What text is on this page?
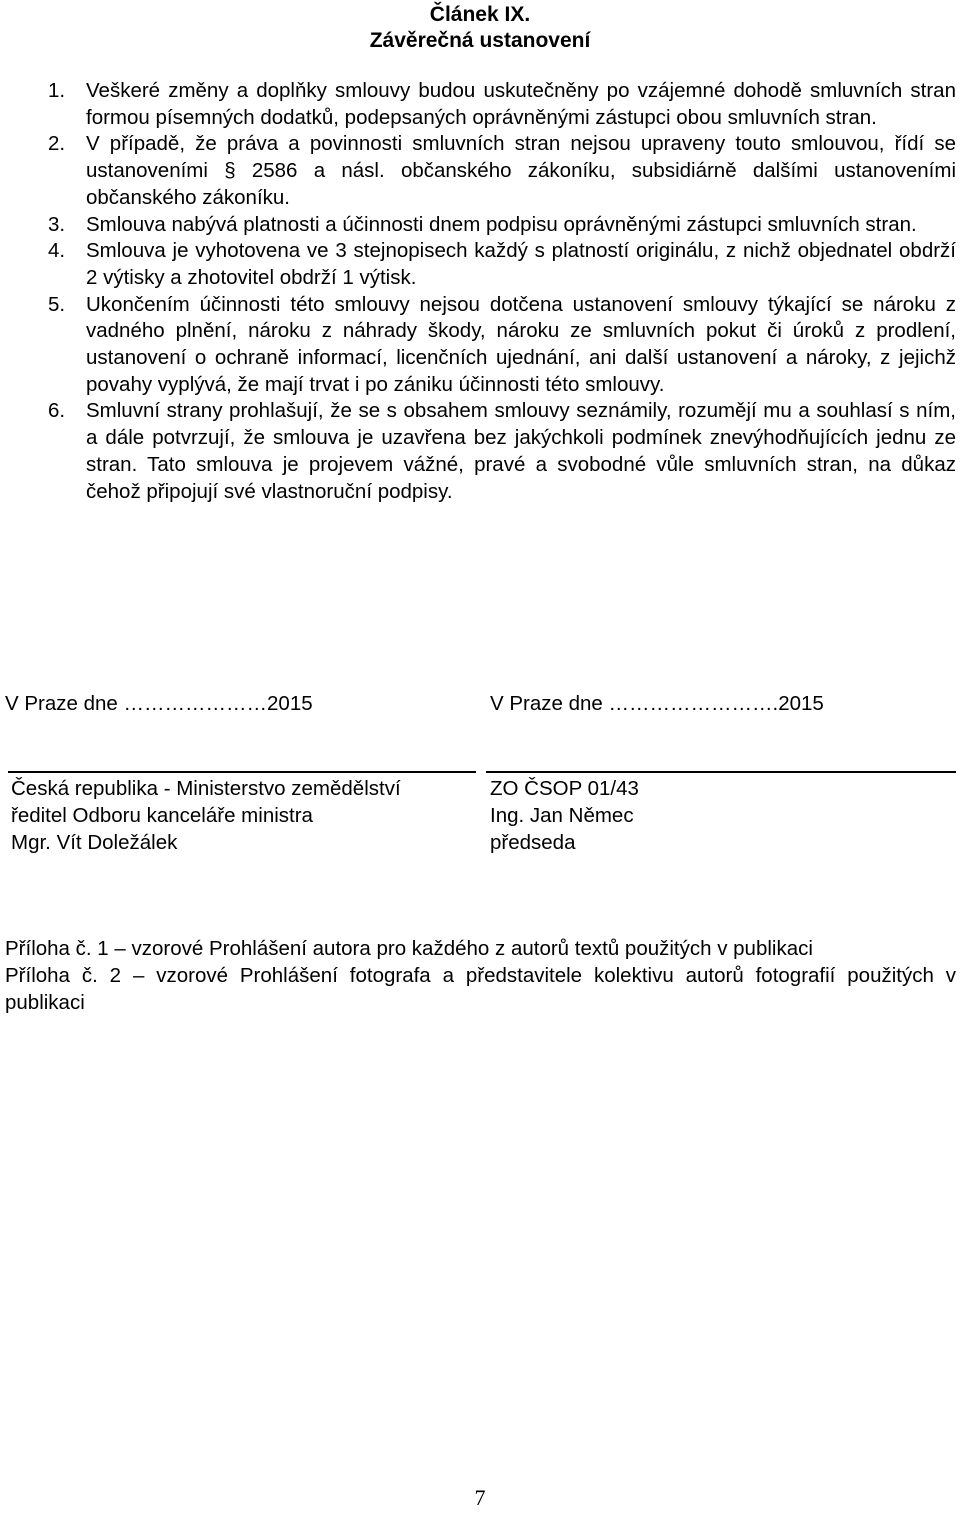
Článek IX.
Závěrečná ustanovení
1.	Veškeré změny a doplňky smlouvy budou uskutečněny po vzájemné dohodě smluvních stran formou písemných dodatků, podepsaných oprávněnými zástupci obou smluvních stran.
2.	V případě, že práva a povinnosti smluvních stran nejsou upraveny touto smlouvou, řídí se ustanoveními § 2586 a násl. občanského zákoníku, subsidiárně dalšími ustanoveními občanského zákoníku.
3.	Smlouva nabývá platnosti a účinnosti dnem podpisu oprávněnými zástupci smluvních stran.
4.	Smlouva je vyhotovena ve 3 stejnopisech každý s platností originálu, z nichž objednatel obdrží 2 výtisky a zhotovitel obdrží 1 výtisk.
5.	Ukončením účinnosti této smlouvy nejsou dotčena ustanovení smlouvy týkající se nároku z vadného plnění, nároku z náhrady škody, nároku ze smluvních pokut či úroků z prodlení, ustanovení o ochraně informací, licenčních ujednání, ani další ustanovení a nároky, z jejichž povahy vyplývá, že mají trvat i po zániku účinnosti této smlouvy.
6.	Smluvní strany prohlašují, že se s obsahem smlouvy seznámily, rozumějí mu a souhlasí s ním, a dále potvrzují, že smlouva je uzavřena bez jakýchkoli podmínek znevýhodňujících jednu ze stran. Tato smlouva je projevem vážné, pravé a svobodné vůle smluvních stran, na důkaz čehož připojují své vlastnoruční podpisy.
V Praze dne …………………2015	V Praze dne …………………….2015
Česká republika - Ministerstvo zemědělství
ředitel Odboru kanceláře ministra
Mgr. Vít Doležálek
ZO ČSOP 01/43
Ing. Jan Němec
předseda
Příloha č. 1 – vzorové Prohlášení autora pro každého z autorů textů použitých v publikaci
Příloha č. 2 – vzorové Prohlášení fotografa a představitele kolektivu autorů fotografií použitých v publikaci
7
